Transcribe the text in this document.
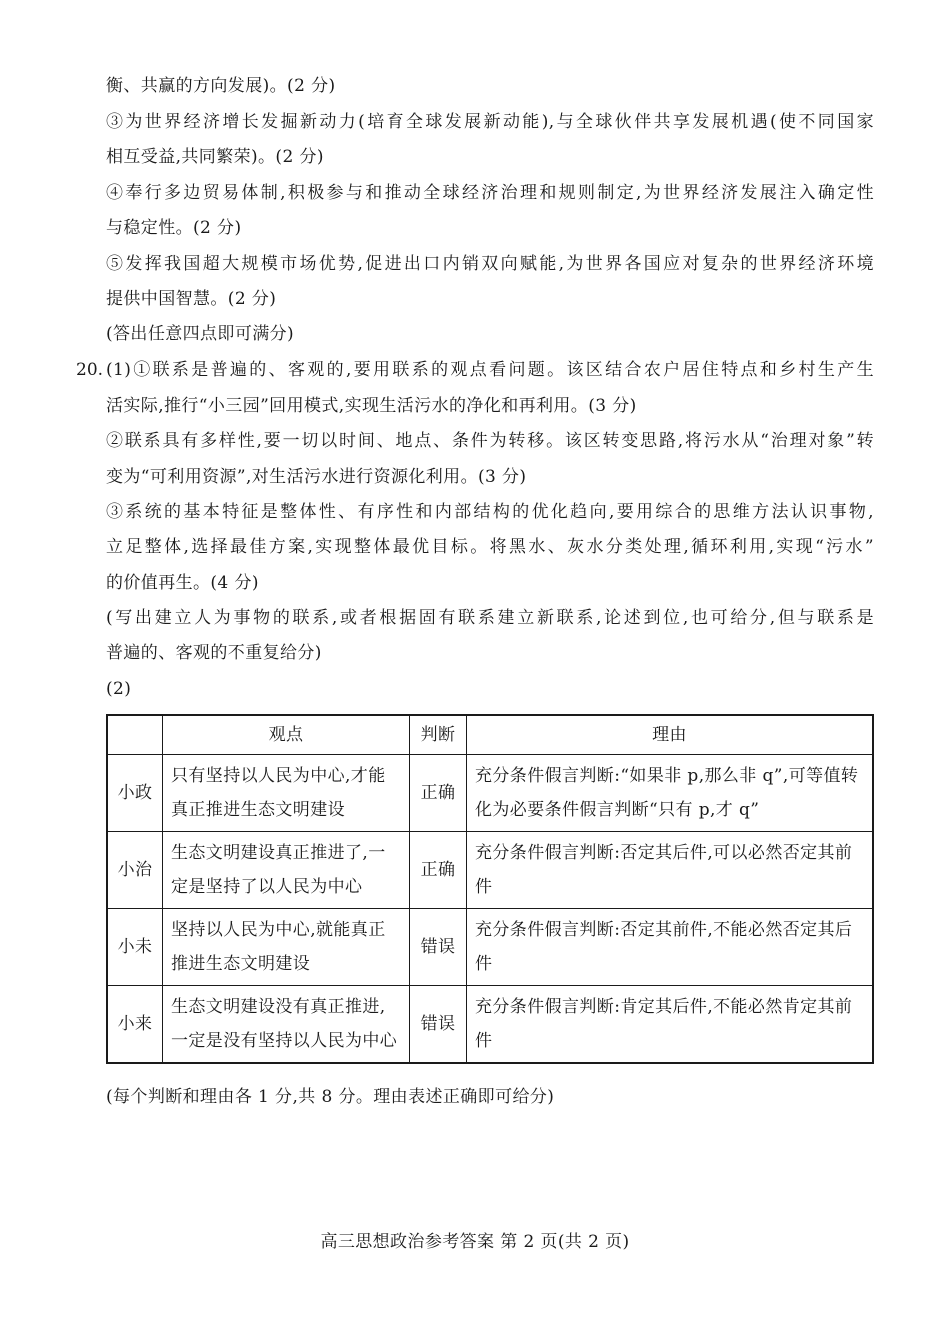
衡、共赢的方向发展)。(2 分)
③为世界经济增长发掘新动力(培育全球发展新动能),与全球伙伴共享发展机遇(使不同国家
相互受益,共同繁荣)。(2 分)
④奉行多边贸易体制,积极参与和推动全球经济治理和规则制定,为世界经济发展注入确定性
与稳定性。(2 分)
⑤发挥我国超大规模市场优势,促进出口内销双向赋能,为世界各国应对复杂的世界经济环境
提供中国智慧。(2 分)
(答出任意四点即可满分)
20. (1)①联系是普遍的、客观的,要用联系的观点看问题。该区结合农户居住特点和乡村生产生
活实际,推行“小三园”回用模式,实现生活污水的净化和再利用。(3 分)
②联系具有多样性,要一切以时间、地点、条件为转移。该区转变思路,将污水从“治理对象”转
变为“可利用资源”,对生活污水进行资源化利用。(3 分)
③系统的基本特征是整体性、有序性和内部结构的优化趋向,要用综合的思维方法认识事物,
立足整体,选择最佳方案,实现整体最优目标。将黑水、灰水分类处理,循环利用,实现“污水”
的价值再生。(4 分)
(写出建立人为事物的联系,或者根据固有联系建立新联系,论述到位,也可给分,但与联系是
普遍的、客观的不重复给分)
(2)
	观点	判断	理由
小政	只有坚持以人民为中心,才能真正推进生态文明建设	正确	充分条件假言判断:“如果非 p,那么非 q”,可等值转化为必要条件假言判断“只有 p,才 q”
小治	生态文明建设真正推进了,一定是坚持了以人民为中心	正确	充分条件假言判断:否定其后件,可以必然否定其前件
小未	坚持以人民为中心,就能真正推进生态文明建设	错误	充分条件假言判断:否定其前件,不能必然否定其后件
小来	生态文明建设没有真正推进,一定是没有坚持以人民为中心	错误	充分条件假言判断:肯定其后件,不能必然肯定其前件
(每个判断和理由各 1 分,共 8 分。理由表述正确即可给分)
高三思想政治参考答案 第 2 页(共 2 页)
